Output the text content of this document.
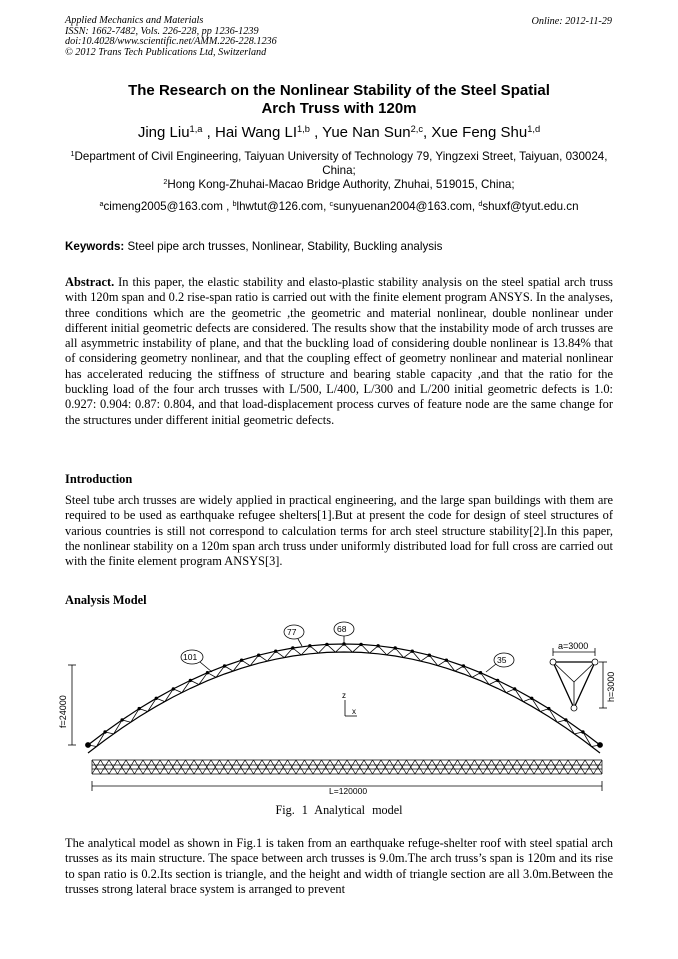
Applied Mechanics and Materials
ISSN: 1662-7482, Vols. 226-228, pp 1236-1239
doi:10.4028/www.scientific.net/AMM.226-228.1236
© 2012 Trans Tech Publications Ltd, Switzerland
Online: 2012-11-29
The Research on the Nonlinear Stability of the Steel Spatial
Arch Truss with 120m
Jing Liu$^{1,a}$ , Hai Wang LI$^{1,b}$ , Yue Nan Sun$^{2,c}$, Xue Feng Shu$^{1,d}$
$^1$Department of Civil Engineering, Taiyuan University of Technology 79, Yingzexi Street, Taiyuan, 030024, China;
$^2$Hong Kong-Zhuhai-Macao Bridge Authority, Zhuhai, 519015, China;
$^a$cimeng2005@163.com , $^b$lhwtut@126.com, $^c$sunyuenan2004@163.com, $^d$shuxf@tyut.edu.cn
Keywords: Steel pipe arch trusses, Nonlinear, Stability, Buckling analysis
Abstract. In this paper, the elastic stability and elasto-plastic stability analysis on the steel spatial arch truss with 120m span and 0.2 rise-span ratio is carried out with the finite element program ANSYS. In the analyses, three conditions which are the geometric ,the geometric and material nonlinear, double nonlinear under different initial geometric defects are considered. The results show that the instability mode of arch trusses are all asymmetric instability of plane, and that the buckling load of considering double nonlinear is 13.84% that of considering geometry nonlinear, and that the coupling effect of geometry nonlinear and material nonlinear has accelerated reducing the stiffness of structure and bearing stable capacity ,and that the ratio for the buckling load of the four arch trusses with L/500, L/400, L/300 and L/200 initial geometric defects is 1.0: 0.927: 0.904: 0.87: 0.804, and that load-displacement process curves of feature node are the same change for the structures under different initial geometric defects.
Introduction
Steel tube arch trusses are widely applied in practical engineering, and the large span buildings with them are required to be used as earthquake refugee shelters[1].But at present the code for design of steel structures of various countries is still not correspond to calculation terms for arch steel structure stability[2].In this paper, the nonlinear stability on a 120m span arch truss under uniformly distributed load for full cross are carried out with the finite element program ANSYS[3].
Analysis Model
a=3000
h=3000
f=24000	z
x
101
77	68
35
L=120000
Fig. 1 Analytical model
The analytical model as shown in Fig.1 is taken from an earthquake refuge-shelter roof with steel spatial arch trusses as its main structure. The space between arch trusses is 9.0m.The arch truss’s span is 120m and its rise to span ratio is 0.2.Its section is triangle, and the height and width of triangle section are all 3.0m.Between the trusses strong lateral brace system is arranged to prevent
